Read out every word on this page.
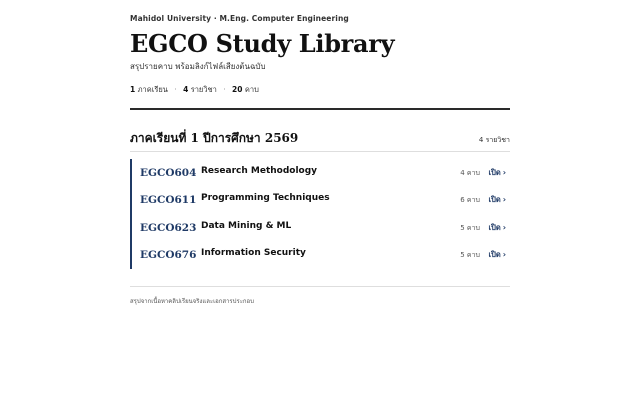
Mahidol University · M.Eng. Computer Engineering
EGCO Study Library
สรุปรายคาบ พร้อมลิงก์ไฟล์เสียงต้นฉบับ
1 ภาคเรียน · 4 รายวิชา · 20 คาบ
ภาคเรียนที่ 1 ปีการศึกษา 2569	4 รายวิชา
EGCO604 Research Methodology	4 คาบ เปิด ›
EGCO611 Programming Techniques	6 คาบ เปิด ›
EGCO623 Data Mining & ML	5 คาบ เปิด ›
EGCO676 Information Security	5 คาบ เปิด ›
สรุปจากเนื้อหาคลิปเรียนจริงและเอกสารประกอบ
